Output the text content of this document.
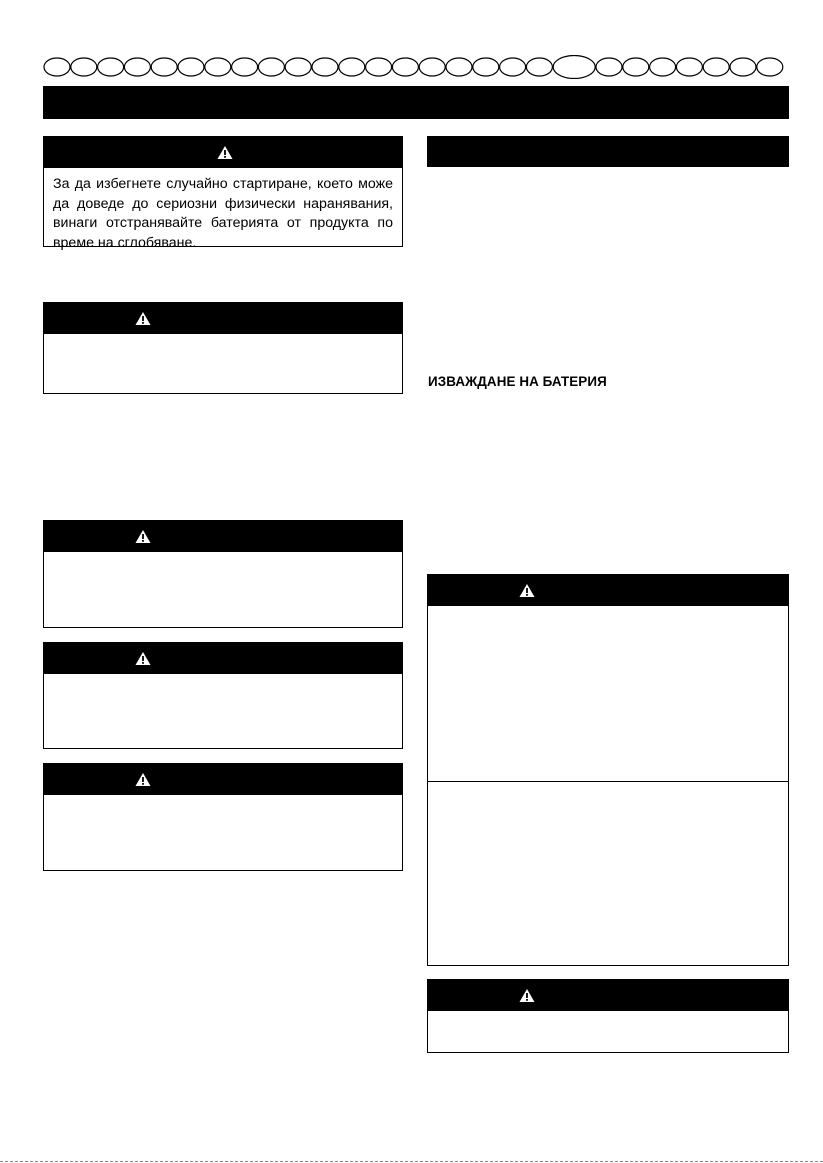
За да избегнете случайно стартиране, което може да доведе до сериозни физически наранявания, винаги отстранявайте батерията от продукта по време на сглобяване.
ИЗВАЖДАНЕ НА БАТЕРИЯ
